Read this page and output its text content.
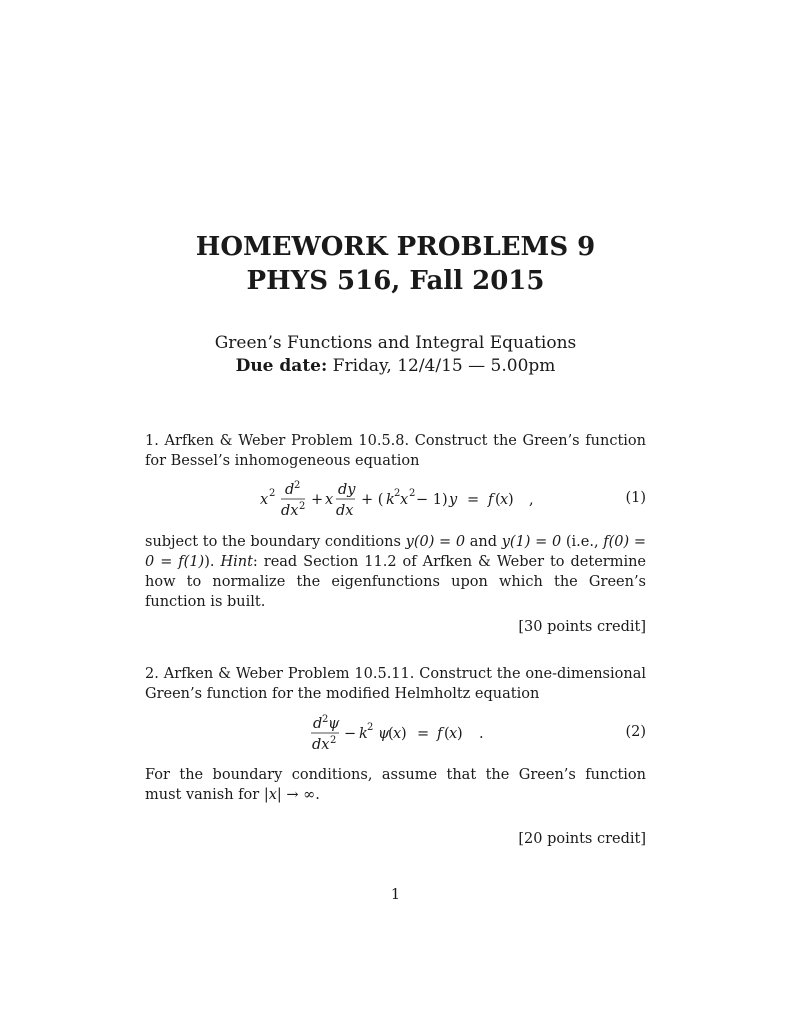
HOMEWORK PROBLEMS 9
PHYS 516, Fall 2015
Green’s Functions and Integral Equations
Due date: Friday, 12/4/15 — 5.00pm
1. Arfken & Weber Problem 10.5.8. Construct the Green’s function for Bessel’s inhomogeneous equation
x 2 d 2
dx 2 + x
dy
dx
+ ( k 2 x 2 − 1) y = f ( x ) ,	(1)
subject to the boundary conditions y(0) = 0 and y(1) = 0 (i.e., f(0) = 0 = f(1)). Hint: read Section 11.2 of Arfken & Weber to determine how to normalize the eigenfunctions upon which the Green’s function is built.
[30 points credit]
2. Arfken & Weber Problem 10.5.11. Construct the one-dimensional Green’s function for the modified Helmholtz equation
d 2 ψ
dx 2 − k 2 ψ
( x ) = f ( x ) .	(2)
For the boundary conditions, assume that the Green’s function must vanish for |x| → ∞.
[20 points credit]
1
